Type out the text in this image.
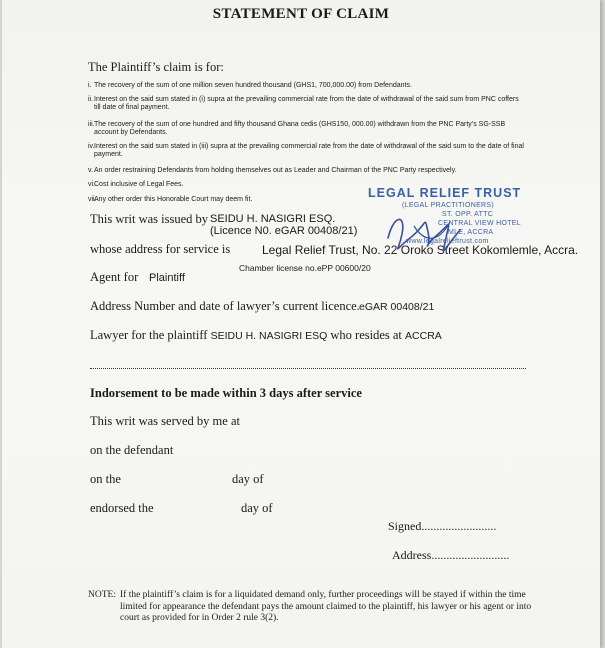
STATEMENT OF CLAIM
The Plaintiff’s claim is for:
i. The recovery of the sum of one million seven hundred thousand (GHS1, 700,000.00) from Defendants.
ii. Interest on the said sum stated in (i) supra at the prevailing commercial rate from the date of withdrawal of the said sum from PNC coffers till date of final payment.
iii. The recovery of the sum of one hundred and fifty thousand Ghana cedis (GHS150, 000.00) withdrawn from the PNC Party’s SG-SSB account by Defendants.
iv. Interest on the said sum stated in (iii) supra at the prevailing commercial rate from the date of withdrawal of the said sum to the date of final payment.
v. An order restraining Defendants from holding themselves out as Leader and Chairman of the PNC Party respectively.
vi. Cost inclusive of Legal Fees.
vii.
Any other order this Honorable Court may deem fit.
This writ was issued by SEIDU H. NASIGRI ESQ.
(Licence N0. eGAR 00408/21)
whose address for service is	Legal Relief Trust, No. 22 Oroko Street Kokomlemle, Accra.
Chamber license no.ePP 00600/20
Agent for Plaintiff
Address Number and date of lawyer’s current licence. eGAR 00408/21
Lawyer for the plaintiff SEIDU H. NASIGRI ESQ who resides at ACCRA
Indorsement to be made within 3 days after service
This writ was served by me at
on the defendant
on the	day of
endorsed the	day of
Signed.........................
Address..........................
NOTE: If the plaintiff’s claim is for a liquidated demand only, further proceedings will be stayed if within the time limited for appearance the defendant pays the amount claimed to the plaintiff, his lawyer or his agent or into court as provided for in Order 2 rule 3(2).
LEGAL RELIEF TRUST
(LEGAL PRACTITIONERS)
ST. OPP. ATTC
CENTRAL VIEW HOTEL
MLE, ACCRA
www.legalrelieftrust.com
